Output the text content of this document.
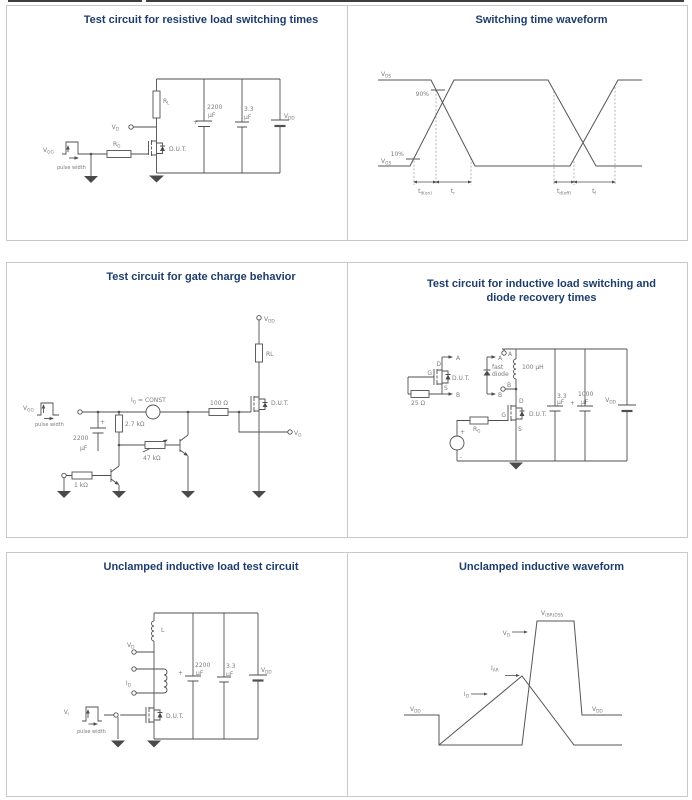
Test circuit for resistive load switching times
$V_{GG}$
pulse width
$R_G$
$V_D$
$R_L$
D.U.T.
+
2200
µF
3.3
µF	$V_{DD}$
Switching time waveform
$V_{DS}$
$V_{GS}$
90%
10%
$t_{d(on)}$	$t_r$	$t_{d(off)}$	$t_f$
Test circuit for gate charge behavior
$V_{GG}$
pulse width	+
2200
µF
$I_G$ = CONST
2.7 kΩ
47 kΩ
1 kΩ
100 Ω
RL
D.U.T.
$V_{DD}$
$V_G$
Test circuit for inductive load switching and
diode recovery times
A
B
D
G
S
D.U.T.
25 Ω
A
B
fast
diode
A
B
100 µH
D
G
S
D.U.T.
$R_G$
+
-
3.3
µF +
1000
µF	$V_{DD}$
Unclamped inductive load test circuit
$V_i$
pulse width
L
$V_D$
$I_D$
D.U.T.
+
2200
µF
3.3
µF
$V_{DD}$
Unclamped inductive waveform
$V_{DD}$	$V_{DD}$
$I_D$
$I_{AR}$
$V_D$
$V_{(BR)DSS}$
